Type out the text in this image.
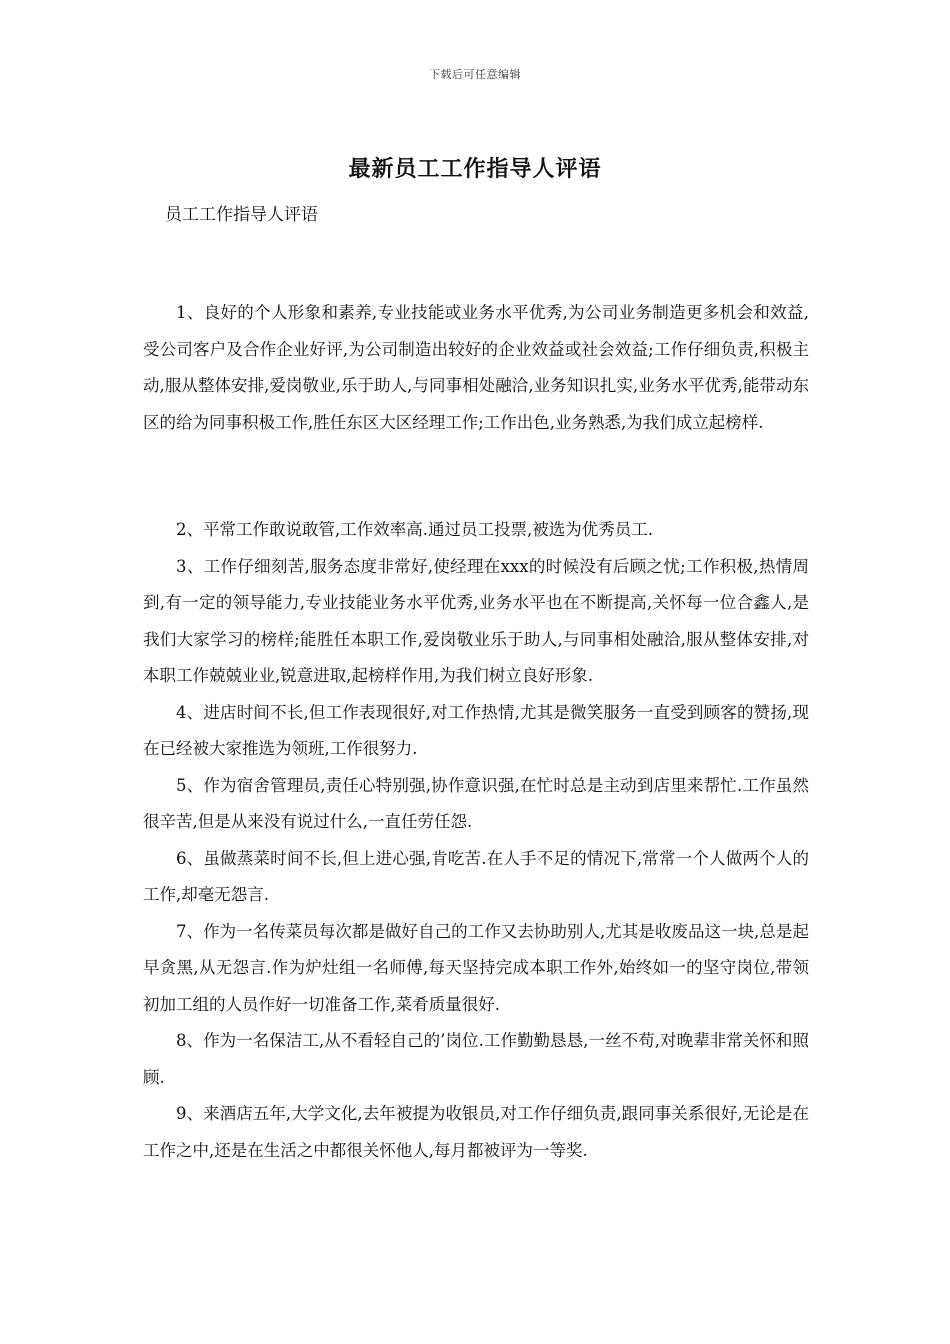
下载后可任意编辑
最新员工工作指导人评语
员工工作指导人评语

1、良好的个人形象和素养,专业技能或业务水平优秀,为公司业务制造更多机会和效益,受公司客户及合作企业好评,为公司制造出较好的企业效益或社会效益;工作仔细负责,积极主动,服从整体安排,爱岗敬业,乐于助人,与同事相处融洽,业务知识扎实,业务水平优秀,能带动东区的给为同事积极工作,胜任东区大区经理工作;工作出色,业务熟悉,为我们成立起榜样.

2、平常工作敢说敢管,工作效率高.通过员工投票,被选为优秀员工.

3、工作仔细刻苦,服务态度非常好,使经理在xxx的时候没有后顾之忧;工作积极,热情周到,有一定的领导能力,专业技能业务水平优秀,业务水平也在不断提高,关怀每一位合鑫人,是我们大家学习的榜样;能胜任本职工作,爱岗敬业乐于助人,与同事相处融洽,服从整体安排,对本职工作兢兢业业,锐意进取,起榜样作用,为我们树立良好形象.

4、进店时间不长,但工作表现很好,对工作热情,尤其是微笑服务一直受到顾客的赞扬,现在已经被大家推选为领班,工作很努力.

5、作为宿舍管理员,责任心特别强,协作意识强,在忙时总是主动到店里来帮忙.工作虽然很辛苦,但是从来没有说过什么,一直任劳任怨.

6、虽做蒸菜时间不长,但上进心强,肯吃苦.在人手不足的情况下,常常一个人做两个人的工作,却毫无怨言.

7、作为一名传菜员每次都是做好自己的工作又去协助别人,尤其是收废品这一块,总是起早贪黑,从无怨言.作为炉灶组一名师傅,每天坚持完成本职工作外,始终如一的坚守岗位,带领初加工组的人员作好一切准备工作,菜肴质量很好.

8、作为一名保洁工,从不看轻自己的’岗位.工作勤勤恳恳,一丝不苟,对晚辈非常关怀和照顾.

9、来酒店五年,大学文化,去年被提为收银员,对工作仔细负责,跟同事关系很好,无论是在工作之中,还是在生活之中都很关怀他人,每月都被评为一等奖.
